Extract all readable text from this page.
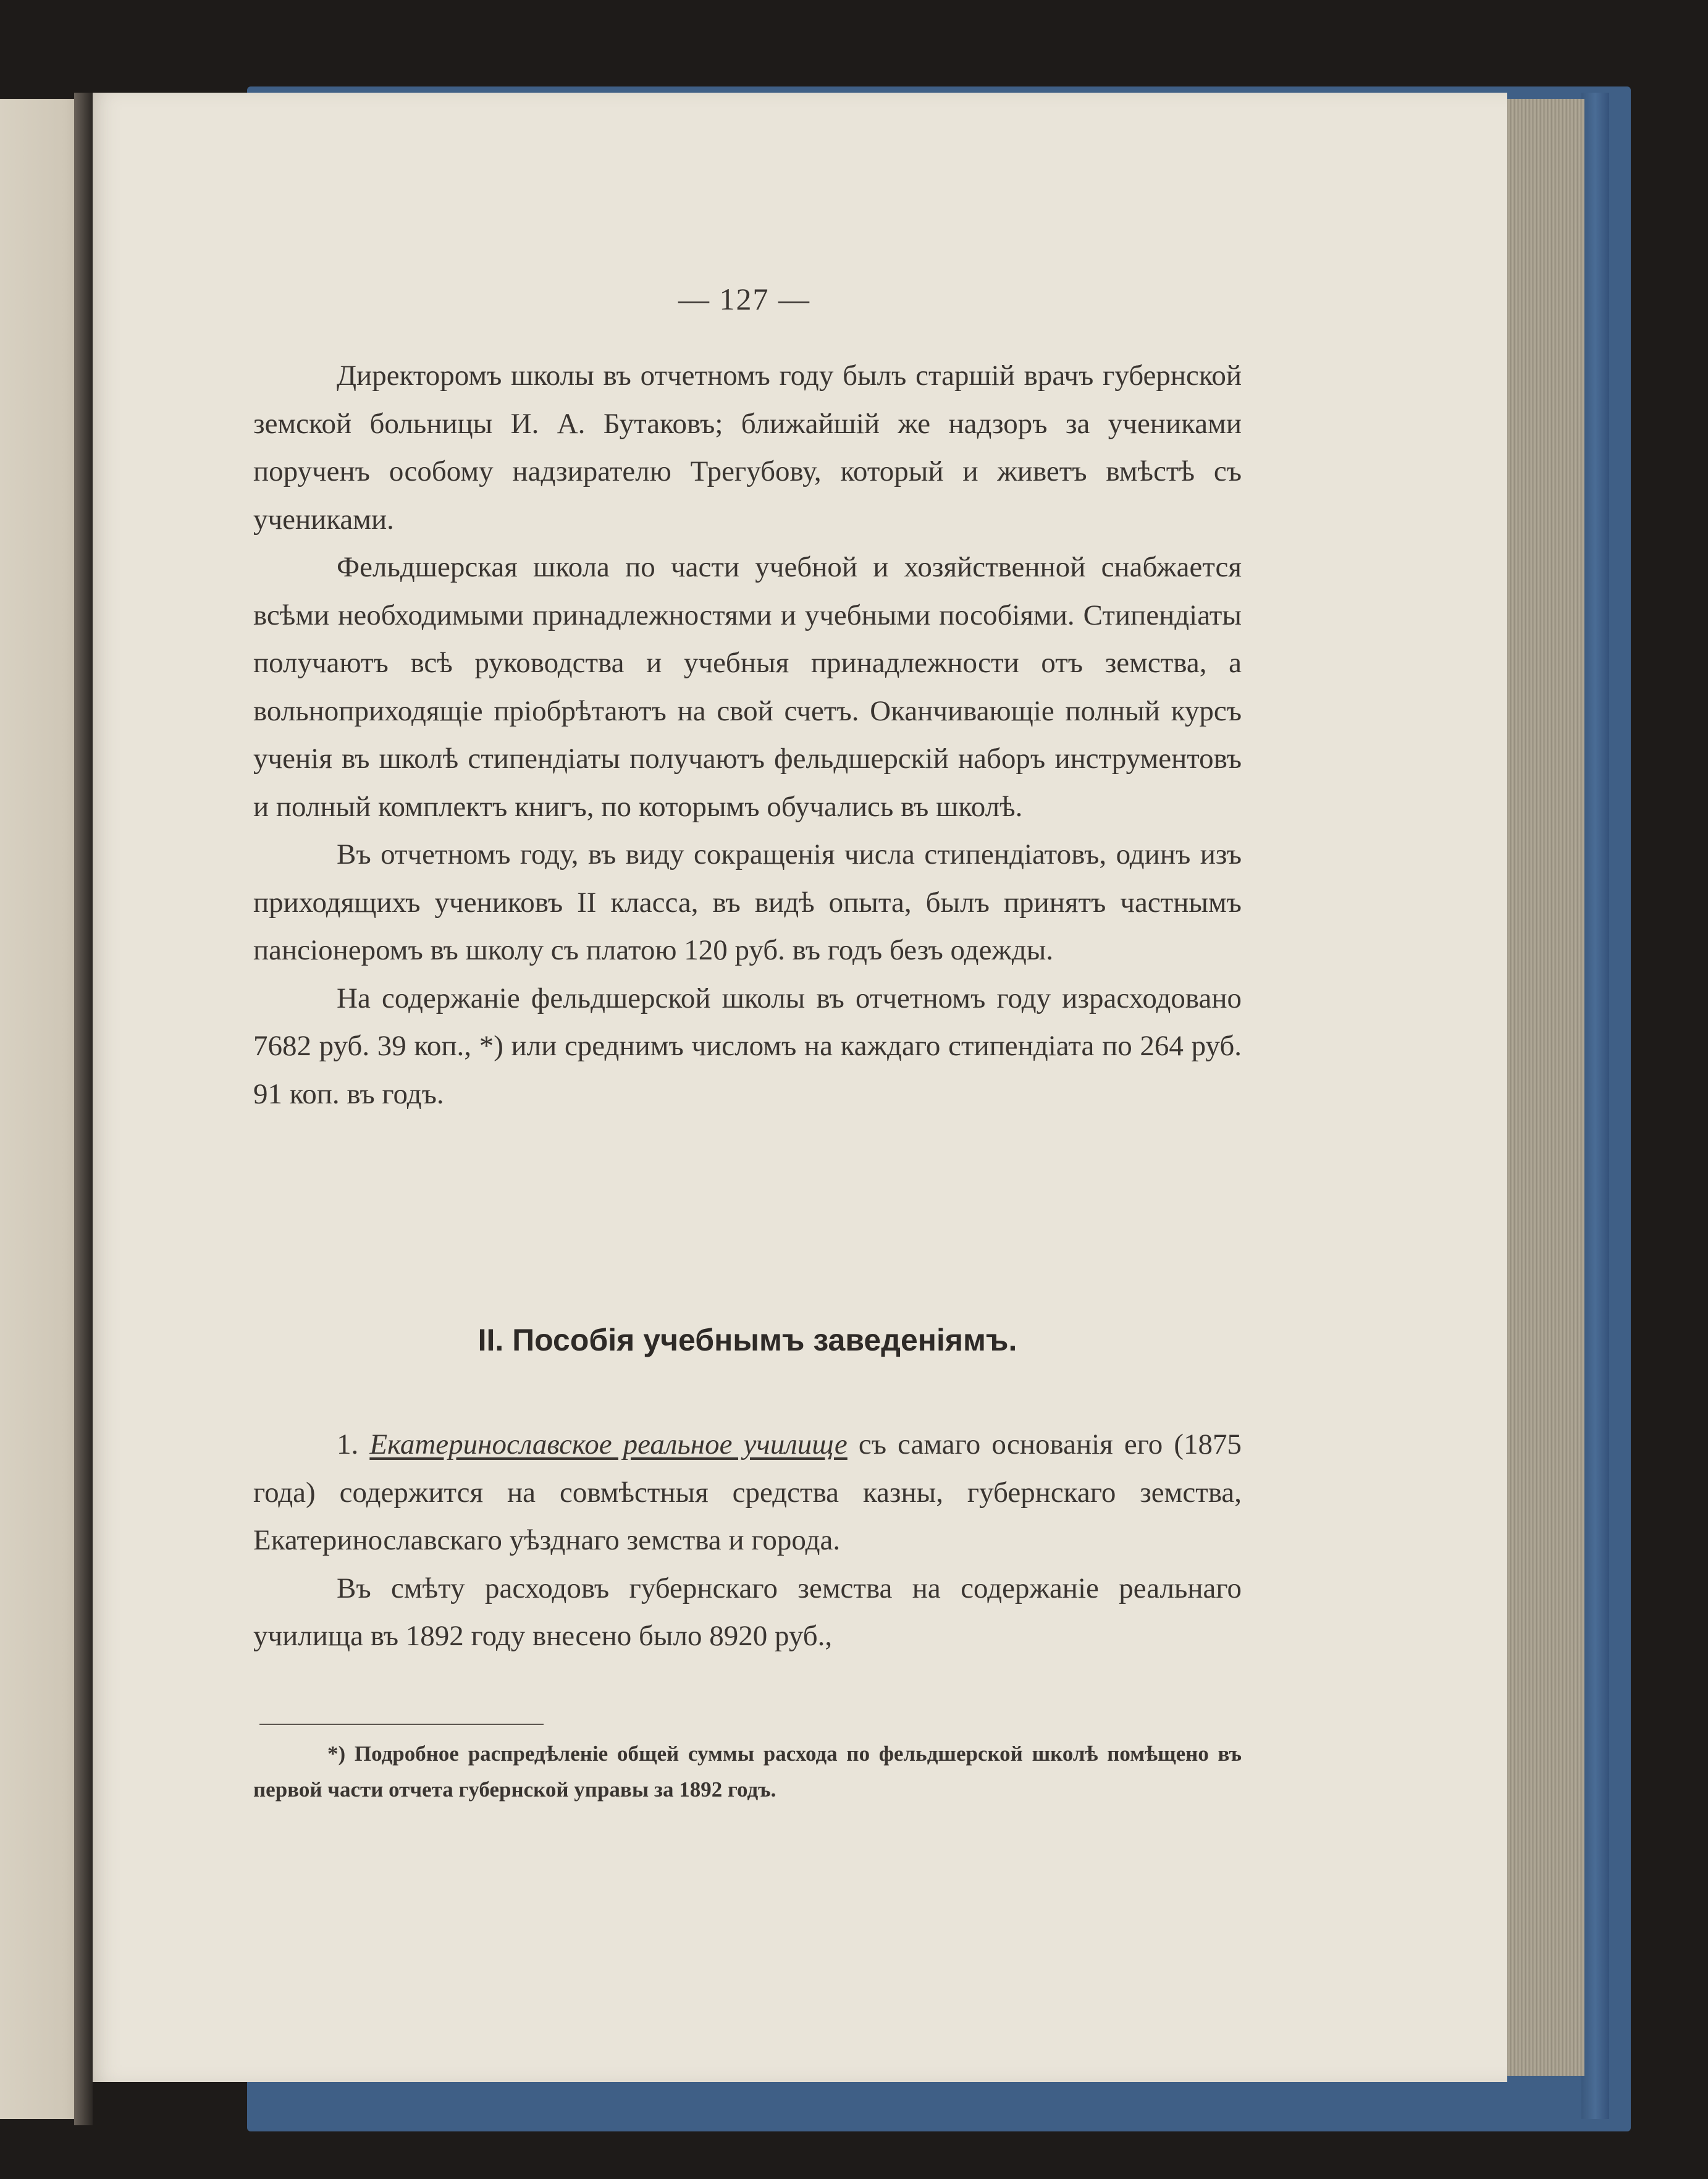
— 127 —

Директоромъ школы въ отчетномъ году былъ старшій врачъ губернской земской больницы И. А. Бутаковъ; ближайшій же надзоръ за учениками порученъ особому надзирателю Трегубову, который и живетъ вмѣстѣ съ учениками.

Фельдшерская школа по части учебной и хозяйственной снабжается всѣми необходимыми принадлежностями и учебными пособіями. Стипендіаты получаютъ всѣ руководства и учебныя принадлежности отъ земства, а вольноприходящіе пріобрѣтаютъ на свой счетъ. Оканчивающіе полный курсъ ученія въ школѣ стипендіаты получаютъ фельдшерскій наборъ инструментовъ и полный комплектъ книгъ, по которымъ обучались въ школѣ.

Въ отчетномъ году, въ виду сокращенія числа стипендіатовъ, одинъ изъ приходящихъ учениковъ II класса, въ видѣ опыта, былъ принятъ частнымъ пансіонеромъ въ школу съ платою 120 руб. въ годъ безъ одежды.

На содержаніе фельдшерской школы въ отчетномъ году израсходовано 7682 руб. 39 коп., *) или среднимъ числомъ на каждаго стипендіата по 264 руб. 91 коп. въ годъ.

II. Пособія учебнымъ заведеніямъ.

1. Екатеринославское реальное училище съ самаго основанія его (1875 года) содержится на совмѣстныя средства казны, губернскаго земства, Екатеринославскаго уѣзднаго земства и города.

Въ смѣту расходовъ губернскаго земства на содержаніе реальнаго училища въ 1892 году внесено было 8920 руб.,

*) Подробное распредѣленіе общей суммы расхода по фельдшерской школѣ помѣщено въ первой части отчета губернской управы за 1892 годъ.
